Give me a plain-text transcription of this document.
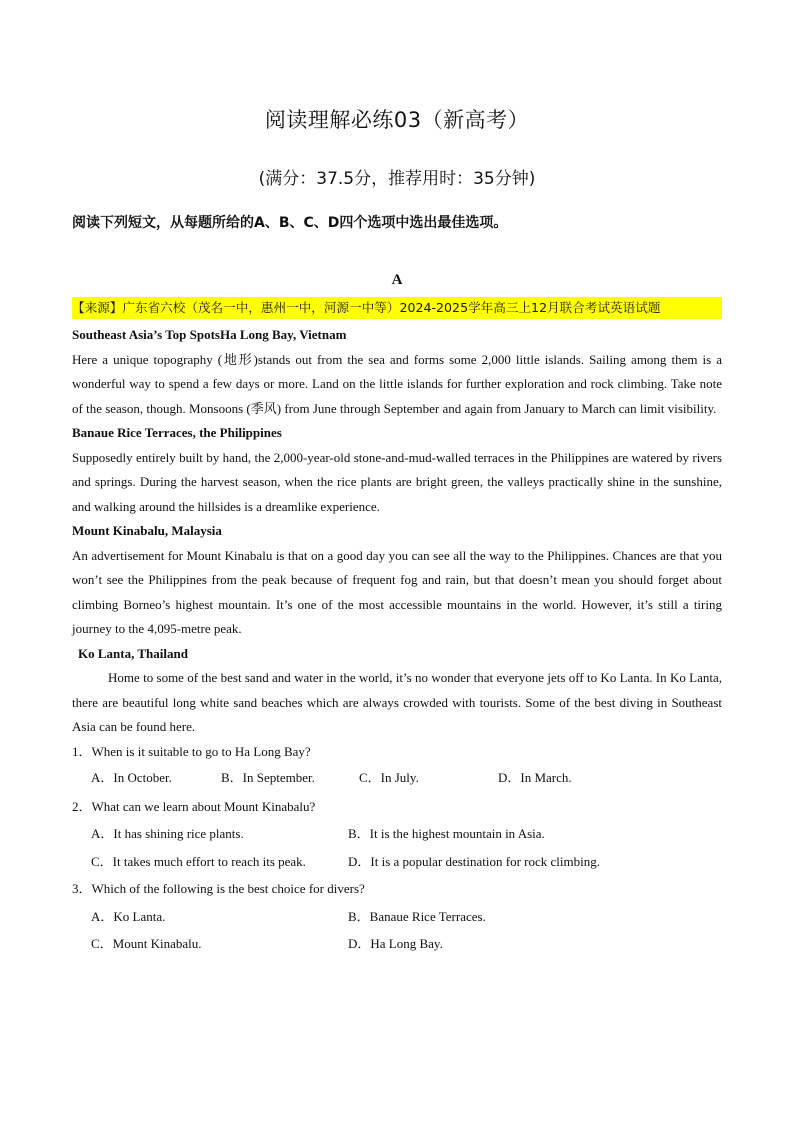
阅读理解必练03（新高考）
(满分：37.5分，推荐用时：35分钟)
阅读下列短文，从每题所给的A、B、C、D四个选项中选出最佳选项。
A
【来源】广东省六校（茂名一中，惠州一中，河源一中等）2024-2025学年高三上12月联合考试英语试题
Southeast Asia’s Top SpotsHa Long Bay, Vietnam
Here a unique topography (地形)stands out from the sea and forms some 2,000 little islands. Sailing among them is a wonderful way to spend a few days or more. Land on the little islands for further exploration and rock climbing. Take note of the season, though. Monsoons (季风) from June through September and again from January to March can limit visibility.
Banaue Rice Terraces, the Philippines
Supposedly entirely built by hand, the 2,000-year-old stone-and-mud-walled terraces in the Philippines are watered by rivers and springs. During the harvest season, when the rice plants are bright green, the valleys practically shine in the sunshine, and walking around the hillsides is a dreamlike experience.
Mount Kinabalu, Malaysia
An advertisement for Mount Kinabalu is that on a good day you can see all the way to the Philippines. Chances are that you won’t see the Philippines from the peak because of frequent fog and rain, but that doesn’t mean you should forget about climbing Borneo’s highest mountain. It’s one of the most accessible mountains in the world. However, it’s still a tiring journey to the 4,095-metre peak.
Ko Lanta, Thailand
Home to some of the best sand and water in the world, it’s no wonder that everyone jets off to Ko Lanta. In Ko Lanta, there are beautiful long white sand beaches which are always crowded with tourists. Some of the best diving in Southeast Asia can be found here.
1．When is it suitable to go to Ha Long Bay?
A．In October.	B．In September.	C．In July.	D．In March.
2．What can we learn about Mount Kinabalu?
A．It has shining rice plants.	B．It is the highest mountain in Asia.
C．It takes much effort to reach its peak.	D．It is a popular destination for rock climbing.
3．Which of the following is the best choice for divers?
A．Ko Lanta.	B．Banaue Rice Terraces.
C．Mount Kinabalu.	D．Ha Long Bay.
